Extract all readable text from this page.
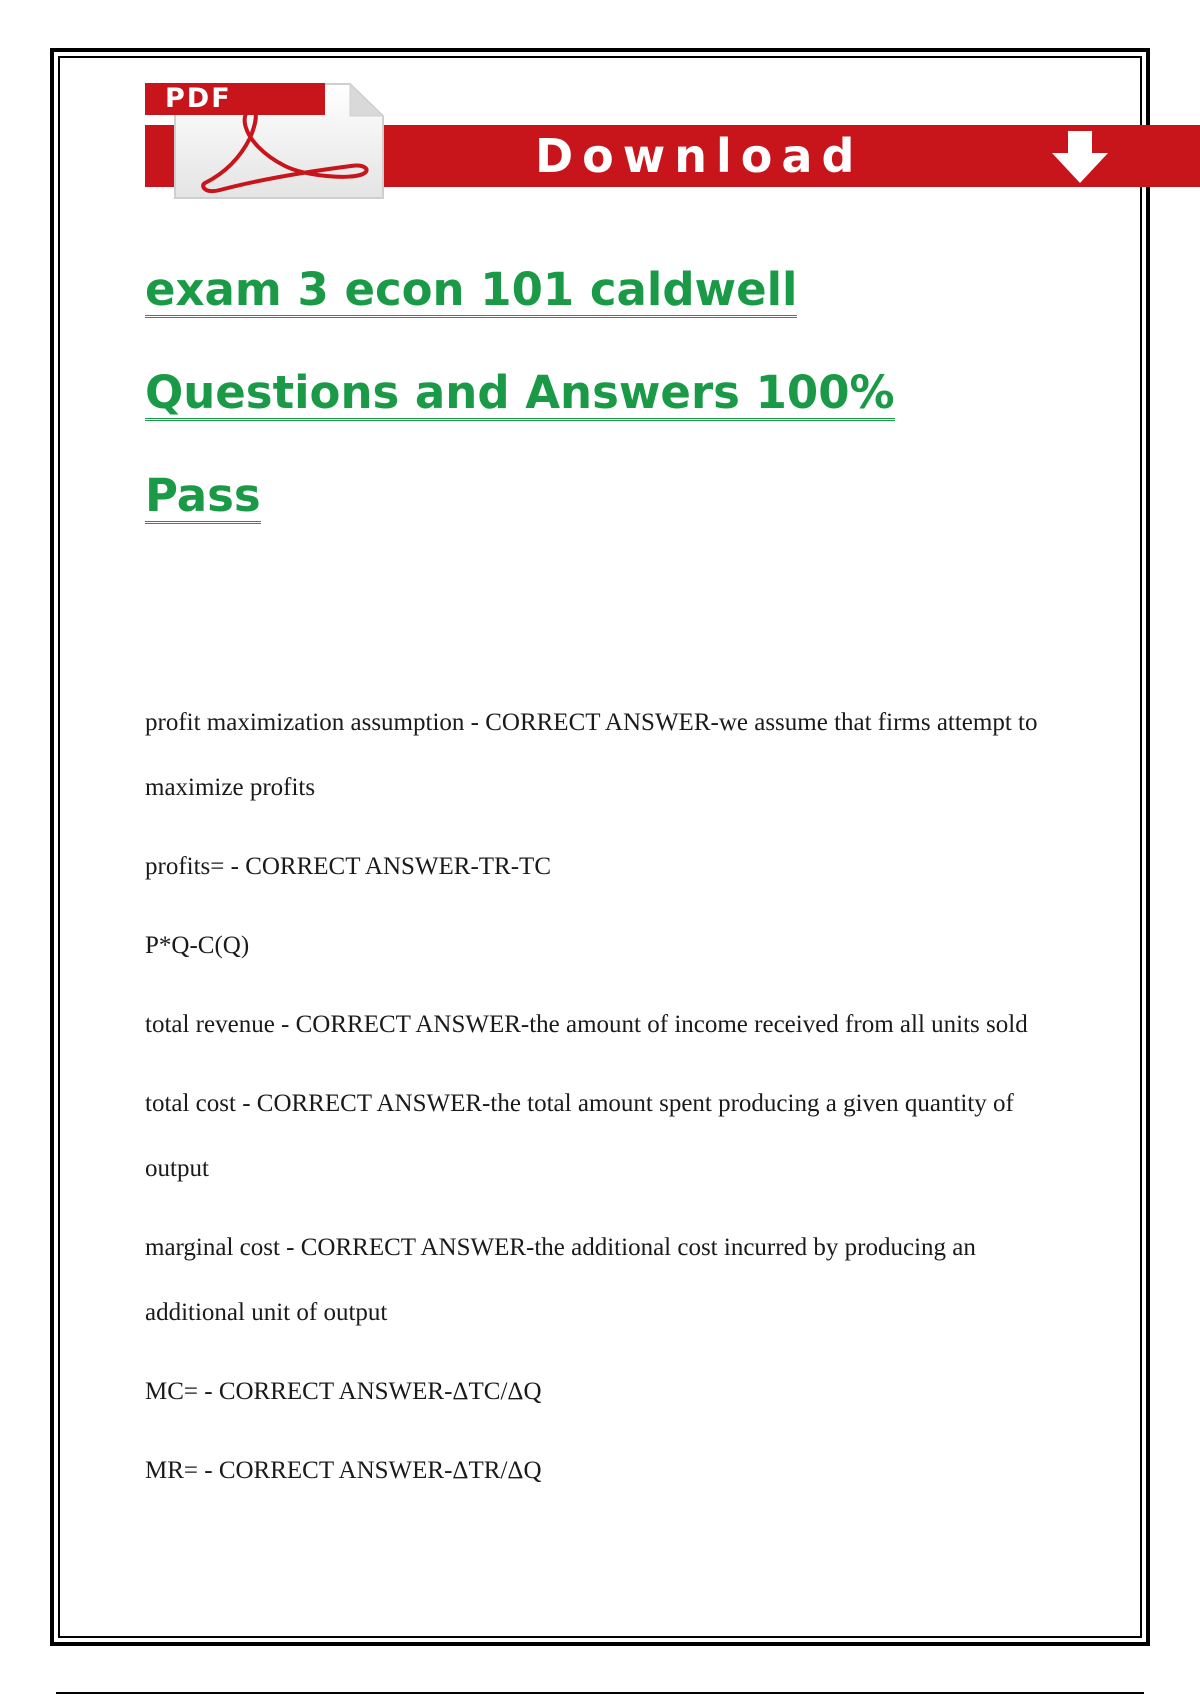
Download
PDF
exam 3 econ 101 caldwell
Questions and Answers 100%
Pass

profit maximization assumption - CORRECT ANSWER-we assume that firms attempt to maximize profits

profits= - CORRECT ANSWER-TR-TC

P*Q-C(Q)

total revenue - CORRECT ANSWER-the amount of income received from all units sold

total cost - CORRECT ANSWER-the total amount spent producing a given quantity of output

marginal cost - CORRECT ANSWER-the additional cost incurred by producing an additional unit of output

MC= - CORRECT ANSWER-ΔTC/ΔQ

MR= - CORRECT ANSWER-ΔTR/ΔQ
